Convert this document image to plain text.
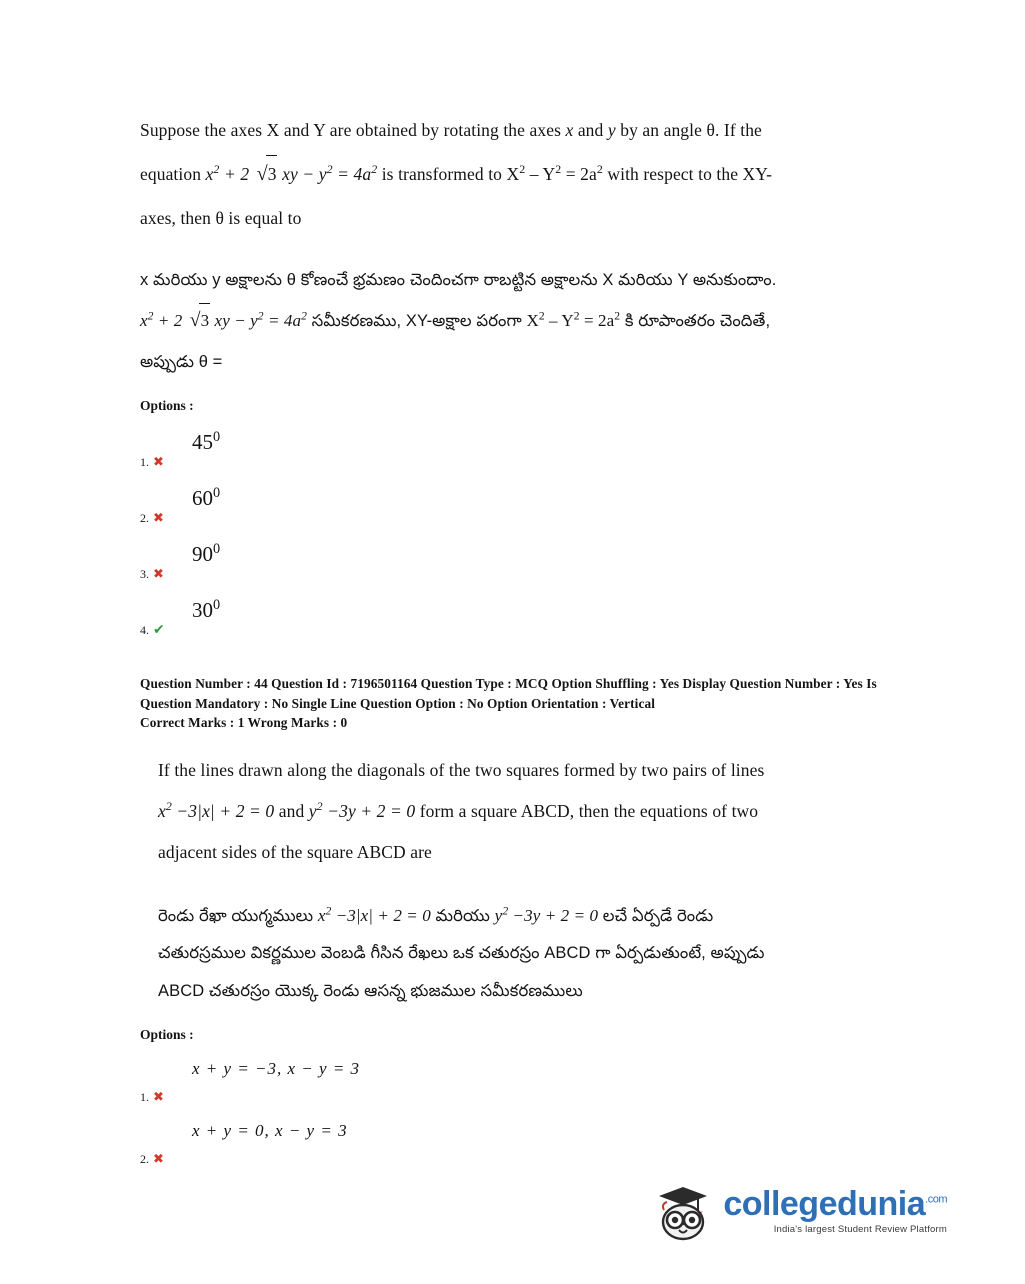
Suppose the axes X and Y are obtained by rotating the axes x and y by an angle θ. If the
equation $x^2 + 2$ √
3 xy − $y^2 = 4a^2$ is transformed to $X^2 - Y^2 = 2a^2$ with respect to the XY-
axes, then θ is equal to
x మరియు y అక్షాలను θ కోణంచే భ్రమణం చెందించగా రాబట్టిన అక్షాలను X మరియు Y అనుకుందాం.
$x^2 + 2$ √
3 xy − $y^2 = 4a^2$ సమీకరణము, XY-అక్షాల పరంగా $X^2 - Y^2 = 2a^2$ కి రూపాంతరం చెందితే,
అప్పుడు θ =
Options :
1. ✖
$45^0$
2. ✖
$60^0$
3. ✖
$90^0$
4. ✔
$30^0$
Question Number : 44 Question Id : 7196501164 Question Type : MCQ Option Shuffling : Yes Display Question Number : Yes Is
Question Mandatory : No Single Line Question Option : No Option Orientation : Vertical
Correct Marks : 1 Wrong Marks : 0
If the lines drawn along the diagonals of the two squares formed by two pairs of lines
$x^2 -3|x| + 2 = 0$ and $y^2 -3y + 2 = 0$ form a square ABCD, then the equations of two
adjacent sides of the square ABCD are
రెండు రేఖా యుగ్మములు $x^2 -3|x| + 2 = 0$ మరియు $y^2 -3y + 2 = 0$ లచే ఏర్పడే రెండు
చతురస్రముల వికర్ణముల వెంబడి గీసిన రేఖలు ఒక చతురస్రం ABCD గా ఏర్పడుతుంటే, అప్పుడు
ABCD చతురస్రం యొక్క రెండు ఆసన్న భుజముల సమీకరణములు
Options :
1. ✖
x + y = −3, x − y = 3
2. ✖
x + y = 0, x − y = 3
collegedunia$^{.com}$
India's largest Student Review Platform
